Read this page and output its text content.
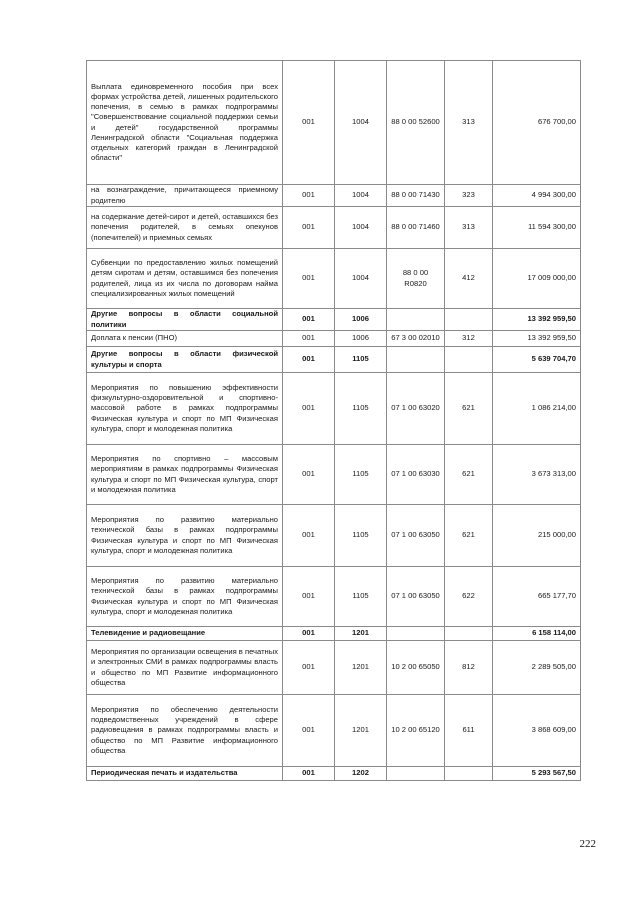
Выплата единовременного пособия при всех формах устройства детей, лишенных родительского попечения, в семью в рамках подпрограммы "Совершенствование социальной поддержки семьи и детей" государственной программы Ленинградской области "Социальная поддержка отдельных категорий граждан в Ленинградской области"	001	1004	88 0 00 52600	313	676 700,00
на вознаграждение, причитающееся приемному родителю	001	1004	88 0 00 71430	323	4 994 300,00
на содержание детей-сирот и детей, оставшихся без попечения родителей, в семьях опекунов (попечителей) и приемных семьях	001	1004	88 0 00 71460	313	11 594 300,00
Субвенции по предоставлению жилых помещений детям сиротам и детям, оставшимся без попечения родителей, лица из их числа по договорам найма специализированных жилых помещений	001	1004	88 0 00 R0820	412	17 009 000,00
Другие вопросы в области социальной политики	001	1006			13 392 959,50
Доплата к пенсии (ПНО)	001	1006	67 3 00 02010	312	13 392 959,50
Другие вопросы в области физической культуры и спорта	001	1105			5 639 704,70
Мероприятия по повышению эффективности физкультурно-оздоровительной и спортивно-массовой работе в рамках подпрограммы Физическая культура и спорт по МП Физическая культура, спорт и молодежная политика	001	1105	07 1 00 63020	621	1 086 214,00
Мероприятия по спортивно – массовым мероприятиям в рамках подпрограммы Физическая культура и спорт по МП Физическая культура, спорт и молодежная политика	001	1105	07 1 00 63030	621	3 673 313,00
Мероприятия по развитию материально технической базы в рамках подпрограммы Физическая культура и спорт по МП Физическая культура, спорт и молодежная политика	001	1105	07 1 00 63050	621	215 000,00
Мероприятия по развитию материально технической базы в рамках подпрограммы Физическая культура и спорт по МП Физическая культура, спорт и молодежная политика	001	1105	07 1 00 63050	622	665 177,70
Телевидение и радиовещание	001	1201			6 158 114,00
Мероприятия по организации освещения в печатных и электронных СМИ в рамках подпрограммы власть и общество по МП Развитие информационного общества	001	1201	10 2 00 65050	812	2 289 505,00
Мероприятия по обеспечению деятельности подведомственных учреждений в сфере радиовещания в рамках подпрограммы власть и общество по МП Развитие информационного общества	001	1201	10 2 00 65120	611	3 868 609,00
Периодическая печать и издательства	001	1202			5 293 567,50
222
